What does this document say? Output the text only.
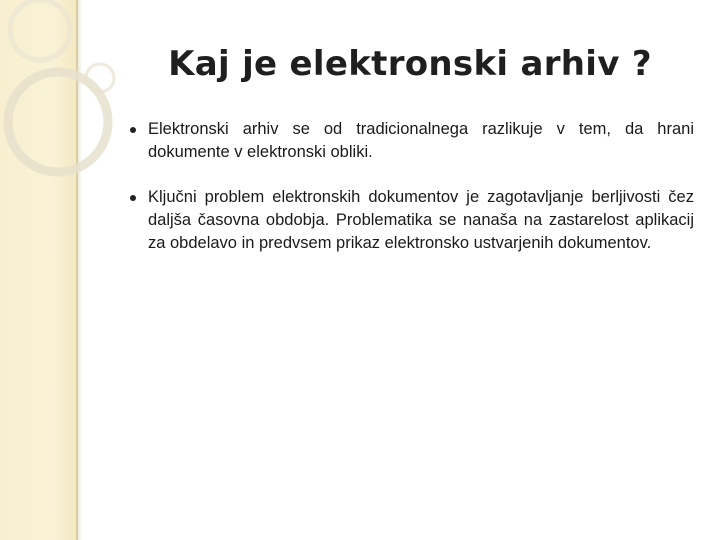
Kaj je elektronski arhiv ?
Elektronski arhiv se od tradicionalnega razlikuje v tem, da hrani dokumente v elektronski obliki.
Ključni problem elektronskih dokumentov je zagotavljanje berljivosti čez daljša časovna obdobja. Problematika se nanaša na zastarelost aplikacij za obdelavo in predvsem prikaz elektronsko ustvarjenih dokumentov.
